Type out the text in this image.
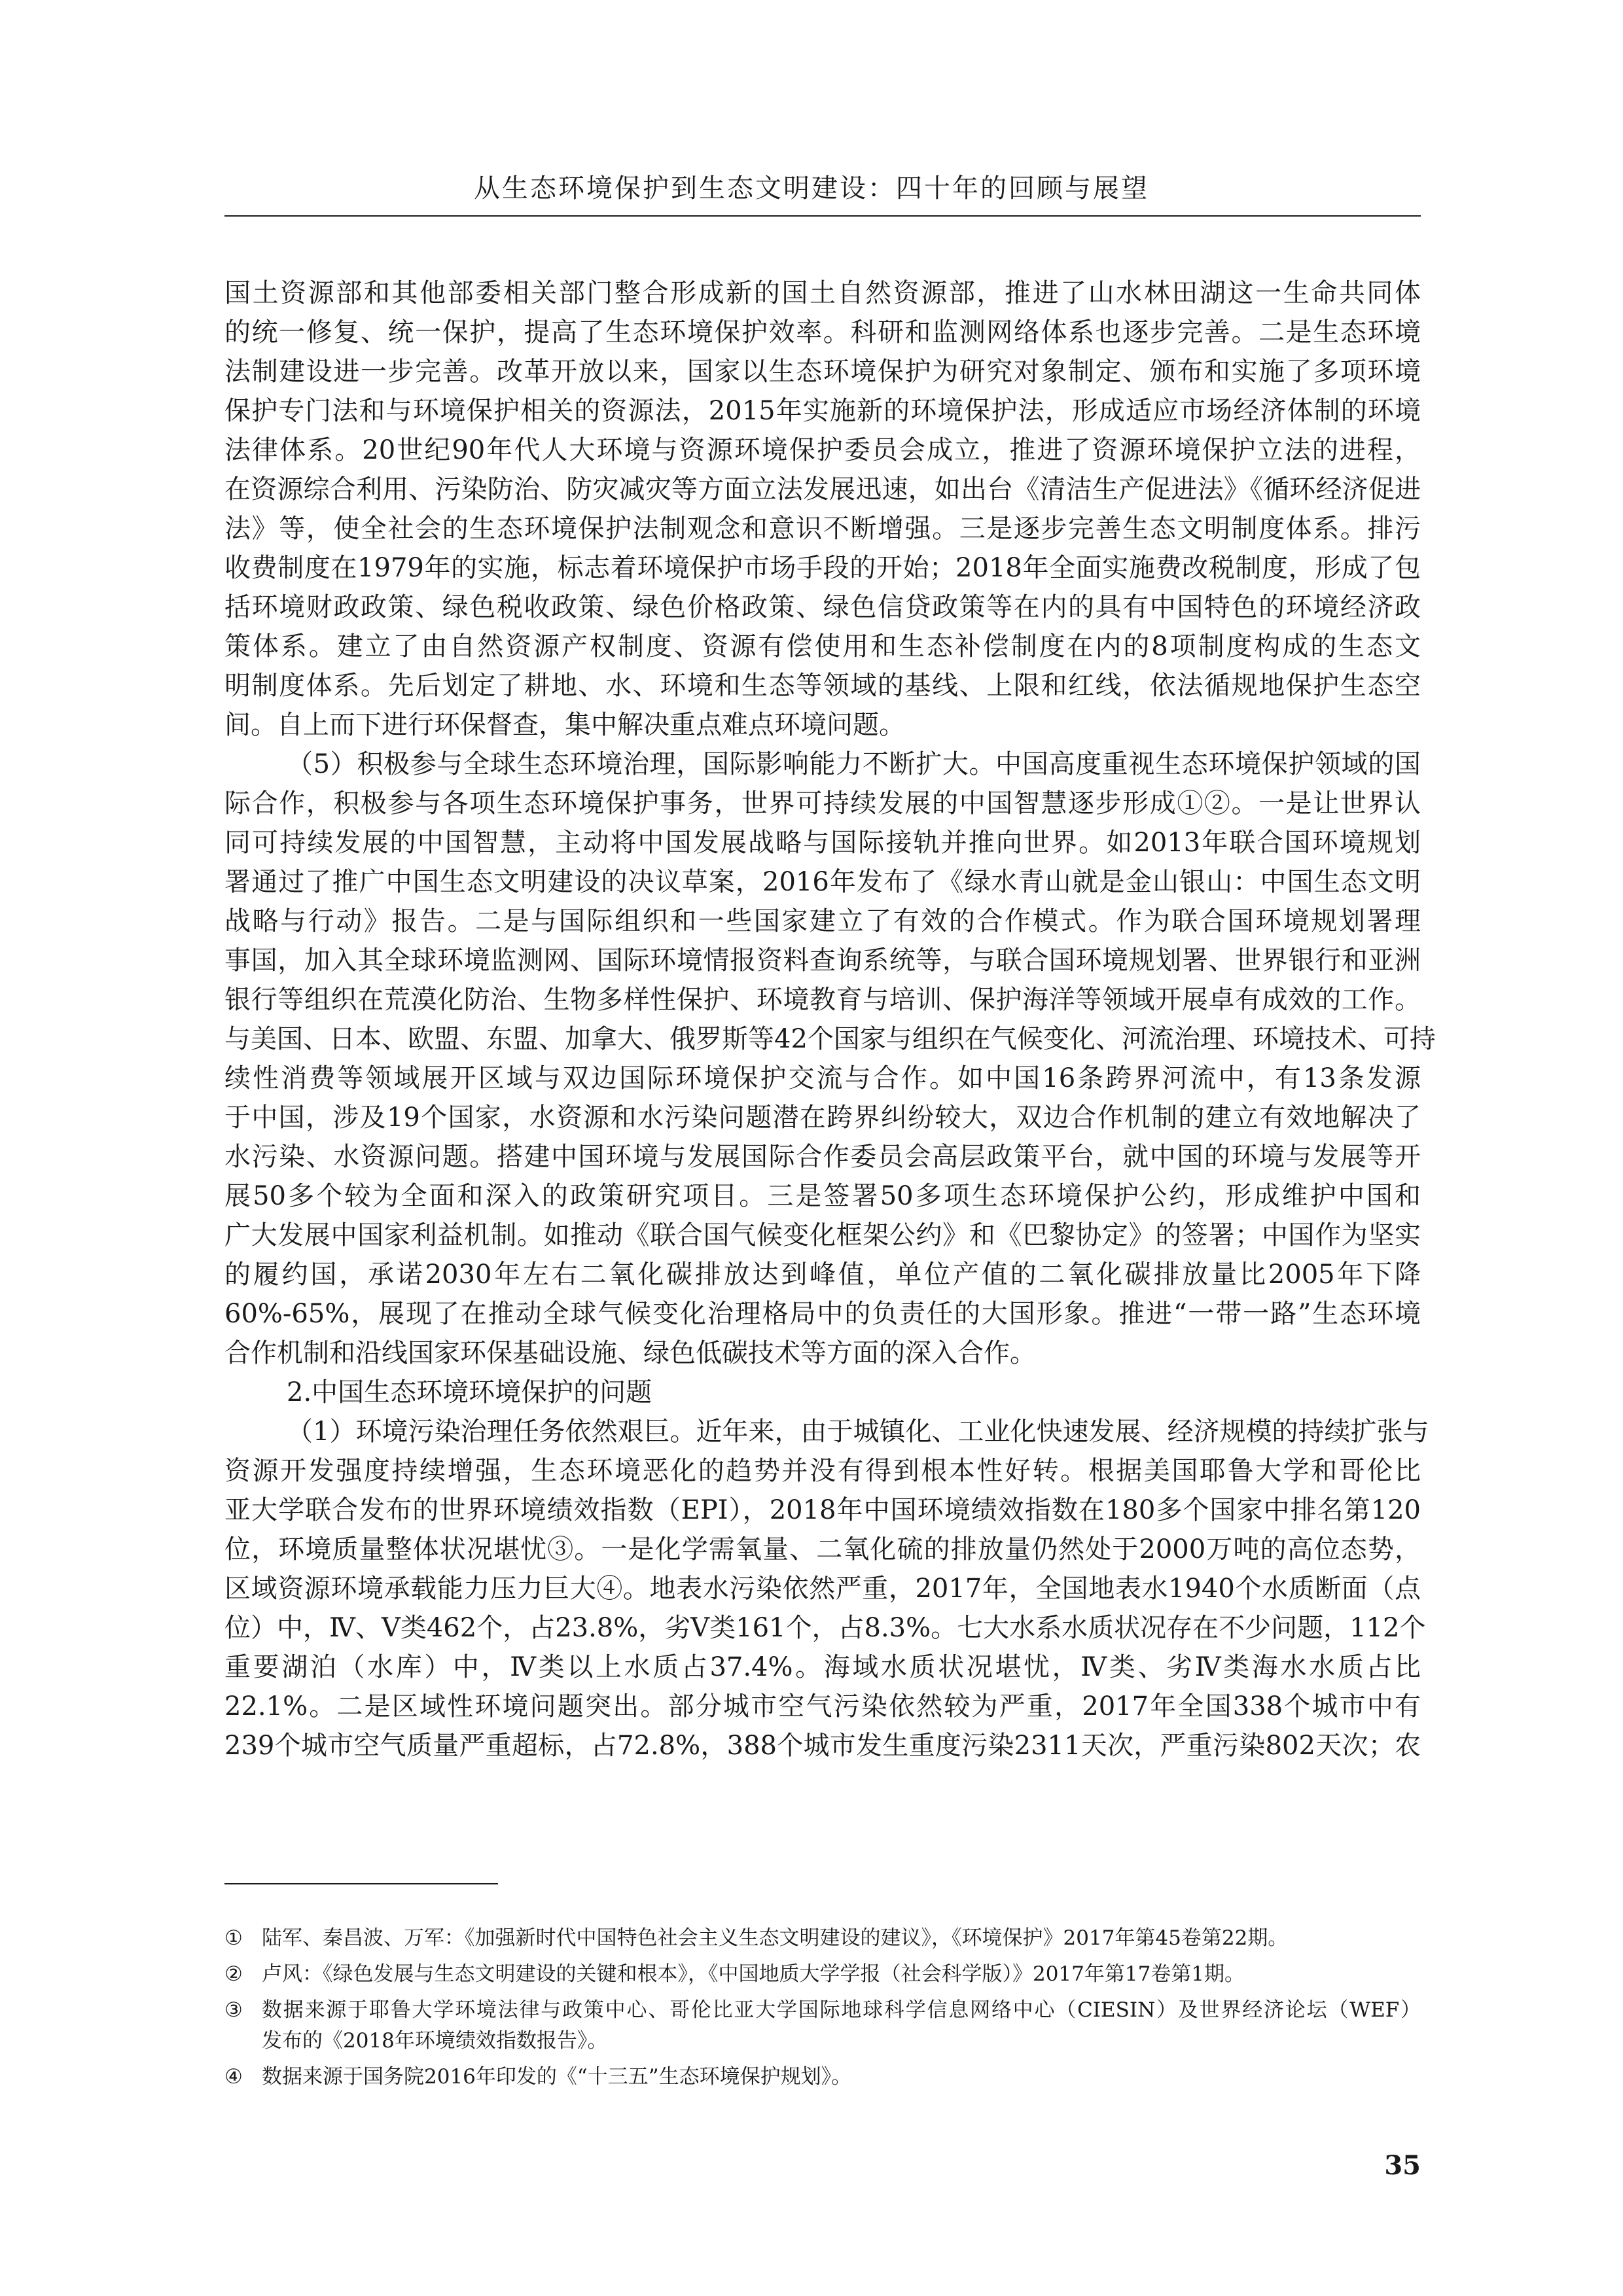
从生态环境保护到生态文明建设：四十年的回顾与展望
国土资源部和其他部委相关部门整合形成新的国土自然资源部，推进了山水林田湖这一生命共同体
的统一修复、统一保护，提高了生态环境保护效率。科研和监测网络体系也逐步完善。二是生态环境
法制建设进一步完善。改革开放以来，国家以生态环境保护为研究对象制定、颁布和实施了多项环境
保护专门法和与环境保护相关的资源法，2015年实施新的环境保护法，形成适应市场经济体制的环境
法律体系。20世纪90年代人大环境与资源环境保护委员会成立，推进了资源环境保护立法的进程，
在资源综合利用、污染防治、防灾减灾等方面立法发展迅速，如出台《清洁生产促进法》《循环经济促进
法》等，使全社会的生态环境保护法制观念和意识不断增强。三是逐步完善生态文明制度体系。排污
收费制度在1979年的实施，标志着环境保护市场手段的开始；2018年全面实施费改税制度，形成了包
括环境财政政策、绿色税收政策、绿色价格政策、绿色信贷政策等在内的具有中国特色的环境经济政
策体系。建立了由自然资源产权制度、资源有偿使用和生态补偿制度在内的8项制度构成的生态文
明制度体系。先后划定了耕地、水、环境和生态等领域的基线、上限和红线，依法循规地保护生态空
间。自上而下进行环保督查，集中解决重点难点环境问题。
（5）积极参与全球生态环境治理，国际影响能力不断扩大。中国高度重视生态环境保护领域的国
际合作，积极参与各项生态环境保护事务，世界可持续发展的中国智慧逐步形成①②。一是让世界认
同可持续发展的中国智慧，主动将中国发展战略与国际接轨并推向世界。如2013年联合国环境规划
署通过了推广中国生态文明建设的决议草案，2016年发布了《绿水青山就是金山银山：中国生态文明
战略与行动》报告。二是与国际组织和一些国家建立了有效的合作模式。作为联合国环境规划署理
事国，加入其全球环境监测网、国际环境情报资料查询系统等，与联合国环境规划署、世界银行和亚洲
银行等组织在荒漠化防治、生物多样性保护、环境教育与培训、保护海洋等领域开展卓有成效的工作。
与美国、日本、欧盟、东盟、加拿大、俄罗斯等42个国家与组织在气候变化、河流治理、环境技术、可持
续性消费等领域展开区域与双边国际环境保护交流与合作。如中国16条跨界河流中，有13条发源
于中国，涉及19个国家，水资源和水污染问题潜在跨界纠纷较大，双边合作机制的建立有效地解决了
水污染、水资源问题。搭建中国环境与发展国际合作委员会高层政策平台，就中国的环境与发展等开
展50多个较为全面和深入的政策研究项目。三是签署50多项生态环境保护公约，形成维护中国和
广大发展中国家利益机制。如推动《联合国气候变化框架公约》和《巴黎协定》的签署；中国作为坚实
的履约国，承诺2030年左右二氧化碳排放达到峰值，单位产值的二氧化碳排放量比2005年下降
60%-65%，展现了在推动全球气候变化治理格局中的负责任的大国形象。推进“一带一路”生态环境
合作机制和沿线国家环保基础设施、绿色低碳技术等方面的深入合作。
2.中国生态环境环境保护的问题
（1）环境污染治理任务依然艰巨。近年来，由于城镇化、工业化快速发展、经济规模的持续扩张与
资源开发强度持续增强，生态环境恶化的趋势并没有得到根本性好转。根据美国耶鲁大学和哥伦比
亚大学联合发布的世界环境绩效指数（EPI），2018年中国环境绩效指数在180多个国家中排名第120
位，环境质量整体状况堪忧③。一是化学需氧量、二氧化硫的排放量仍然处于2000万吨的高位态势，
区域资源环境承载能力压力巨大④。地表水污染依然严重，2017年，全国地表水1940个水质断面（点
位）中，Ⅳ、Ⅴ类462个，占23.8%，劣Ⅴ类161个，占8.3%。七大水系水质状况存在不少问题，112个
重要湖泊（水库）中，Ⅳ类以上水质占37.4%。海域水质状况堪忧，Ⅳ类、劣Ⅳ类海水水质占比
22.1%。二是区域性环境问题突出。部分城市空气污染依然较为严重，2017年全国338个城市中有
239个城市空气质量严重超标，占72.8%，388个城市发生重度污染2311天次，严重污染802天次；农
① 陆军、秦昌波、万军：《加强新时代中国特色社会主义生态文明建设的建议》，《环境保护》2017年第45卷第22期。
② 卢风：《绿色发展与生态文明建设的关键和根本》，《中国地质大学学报（社会科学版）》2017年第17卷第1期。
③ 数据来源于耶鲁大学环境法律与政策中心、哥伦比亚大学国际地球科学信息网络中心（CIESIN）及世界经济论坛（WEF）
发布的《2018年环境绩效指数报告》。
④ 数据来源于国务院2016年印发的《“十三五”生态环境保护规划》。
35
